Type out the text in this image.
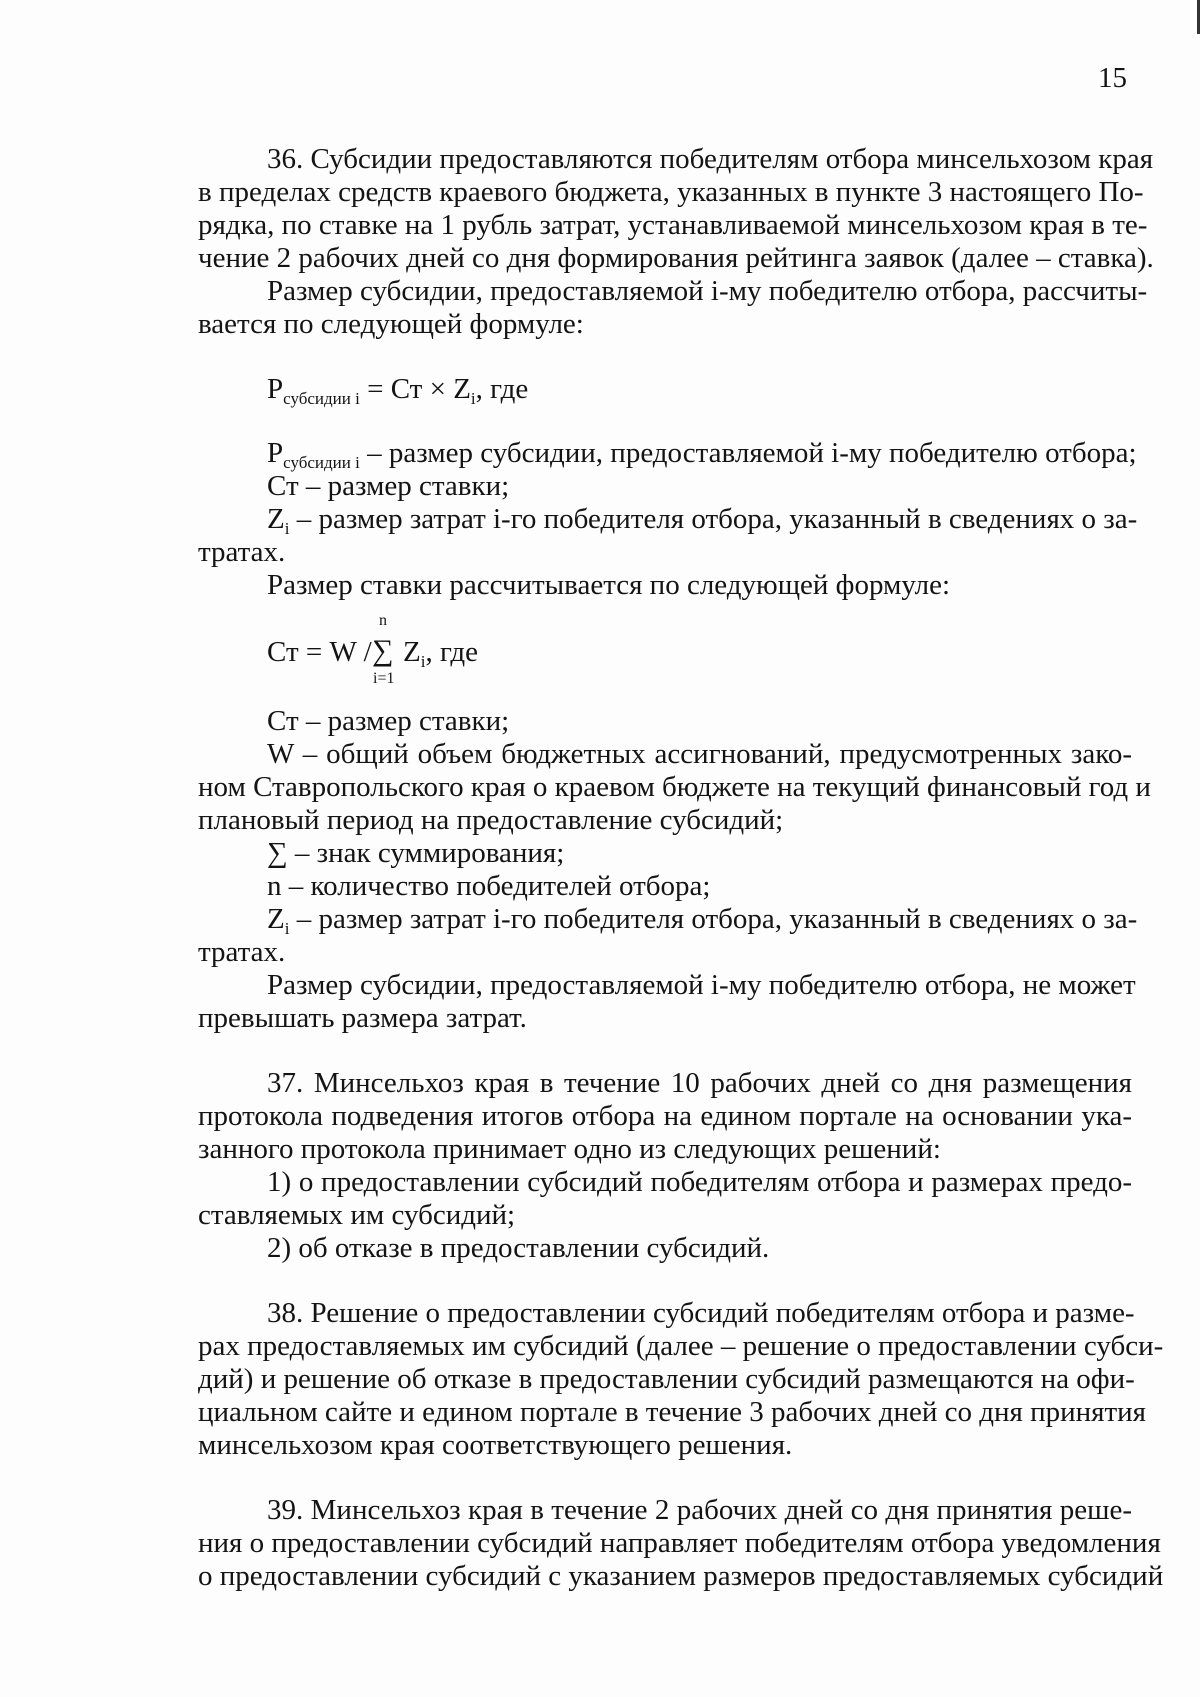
15
36. Субсидии предоставляются победителям отбора минсельхозом края
в пределах средств краевого бюджета, указанных в пункте 3 настоящего По-
рядка, по ставке на 1 рубль затрат, устанавливаемой минсельхозом края в те-
чение 2 рабочих дней со дня формирования рейтинга заявок (далее – ставка).
Размер субсидии, предоставляемой i-му победителю отбора, рассчиты-
вается по следующей формуле:
$P_{субсидии i}$ = Ст × $Z_i$, где
$P_{субсидии i}$ – размер субсидии, предоставляемой i-му победителю отбора;
Ст – размер ставки;
$Z_i$ – размер затрат i-го победителя отбора, указанный в сведениях о за-
тратах.
Размер ставки рассчитывается по следующей формуле:
Ст = W /
n
∑
i=1
$Z_i$, где
Ст – размер ставки;
W – общий объем бюджетных ассигнований, предусмотренных зако-
ном Ставропольского края о краевом бюджете на текущий финансовый год и
плановый период на предоставление субсидий;
∑ – знак суммирования;
n – количество победителей отбора;
$Z_i$ – размер затрат i-го победителя отбора, указанный в сведениях о за-
тратах.
Размер субсидии, предоставляемой i-му победителю отбора, не может
превышать размера затрат.
37. Минсельхоз края в течение 10 рабочих дней со дня размещения
протокола подведения итогов отбора на едином портале на основании ука-
занного протокола принимает одно из следующих решений:
1) о предоставлении субсидий победителям отбора и размерах предо-
ставляемых им субсидий;
2) об отказе в предоставлении субсидий.
38. Решение о предоставлении субсидий победителям отбора и разме-
рах предоставляемых им субсидий (далее – решение о предоставлении субси-
дий) и решение об отказе в предоставлении субсидий размещаются на офи-
циальном сайте и едином портале в течение 3 рабочих дней со дня принятия
минсельхозом края соответствующего решения.
39. Минсельхоз края в течение 2 рабочих дней со дня принятия реше-
ния о предоставлении субсидий направляет победителям отбора уведомления
о предоставлении субсидий с указанием размеров предоставляемых субсидий
